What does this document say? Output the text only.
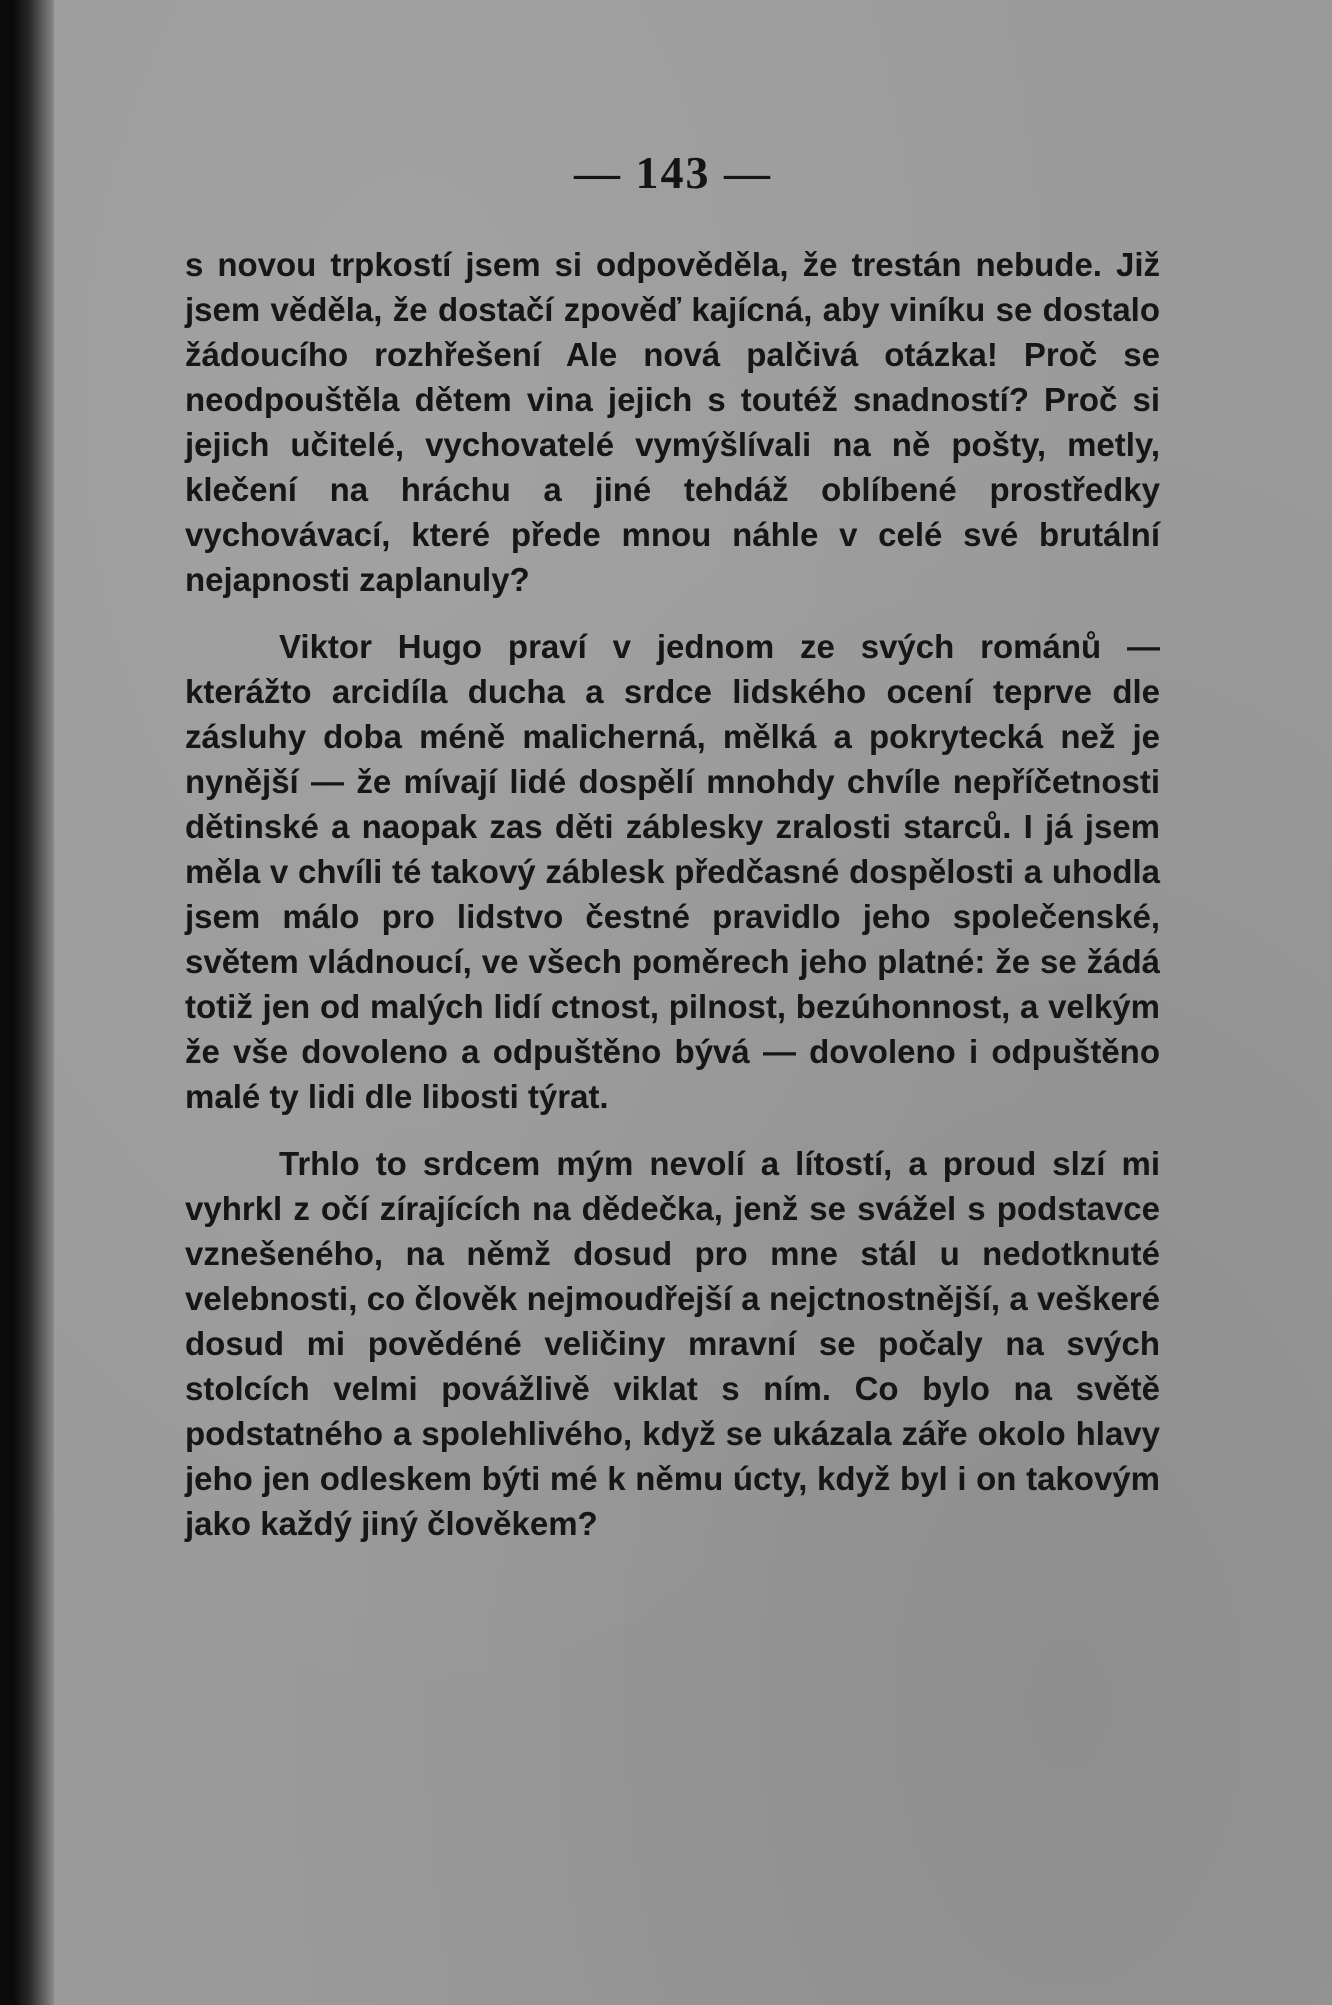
— 143 —

s novou trpkostí jsem si odpověděla, že trestán nebude. Již jsem věděla, že dostačí zpověď kajícná, aby viníku se dostalo žádoucího rozhřešení Ale nová palčivá otázka! Proč se neodpouštěla dětem vina jejich s toutéž snadností? Proč si jejich učitelé, vychovatelé vymýšlívali na ně pošty, metly, klečení na hráchu a jiné tehdáž oblíbené prostředky vychovávací, které přede mnou náhle v celé své brutální nejapnosti zaplanuly?

Viktor Hugo praví v jednom ze svých románů — kterážto arcidíla ducha a srdce lidského ocení teprve dle zásluhy doba méně malicherná, mělká a pokrytecká než je nynější — že mívají lidé dospělí mnohdy chvíle nepříčetnosti dětinské a naopak zas děti záblesky zralosti starců. I já jsem měla v chvíli té takový záblesk předčasné dospělosti a uhodla jsem málo pro lidstvo čestné pravidlo jeho společenské, světem vládnoucí, ve všech poměrech jeho platné: že se žádá totiž jen od malých lidí ctnost, pilnost, bezúhonnost, a velkým že vše dovoleno a odpuštěno bývá — dovoleno i odpuštěno malé ty lidi dle libosti týrat.

Trhlo to srdcem mým nevolí a lítostí, a proud slzí mi vyhrkl z očí zírajících na dědečka, jenž se svážel s podstavce vznešeného, na němž dosud pro mne stál u nedotknuté velebnosti, co člověk nejmoudřejší a nejctnostnější, a veškeré dosud mi povědéné veličiny mravní se počaly na svých stolcích velmi povážlivě viklat s ním. Co bylo na světě podstatného a spolehlivého, když se ukázala záře okolo hlavy jeho jen odleskem býti mé k němu úcty, když byl i on takovým jako každý jiný člověkem?
